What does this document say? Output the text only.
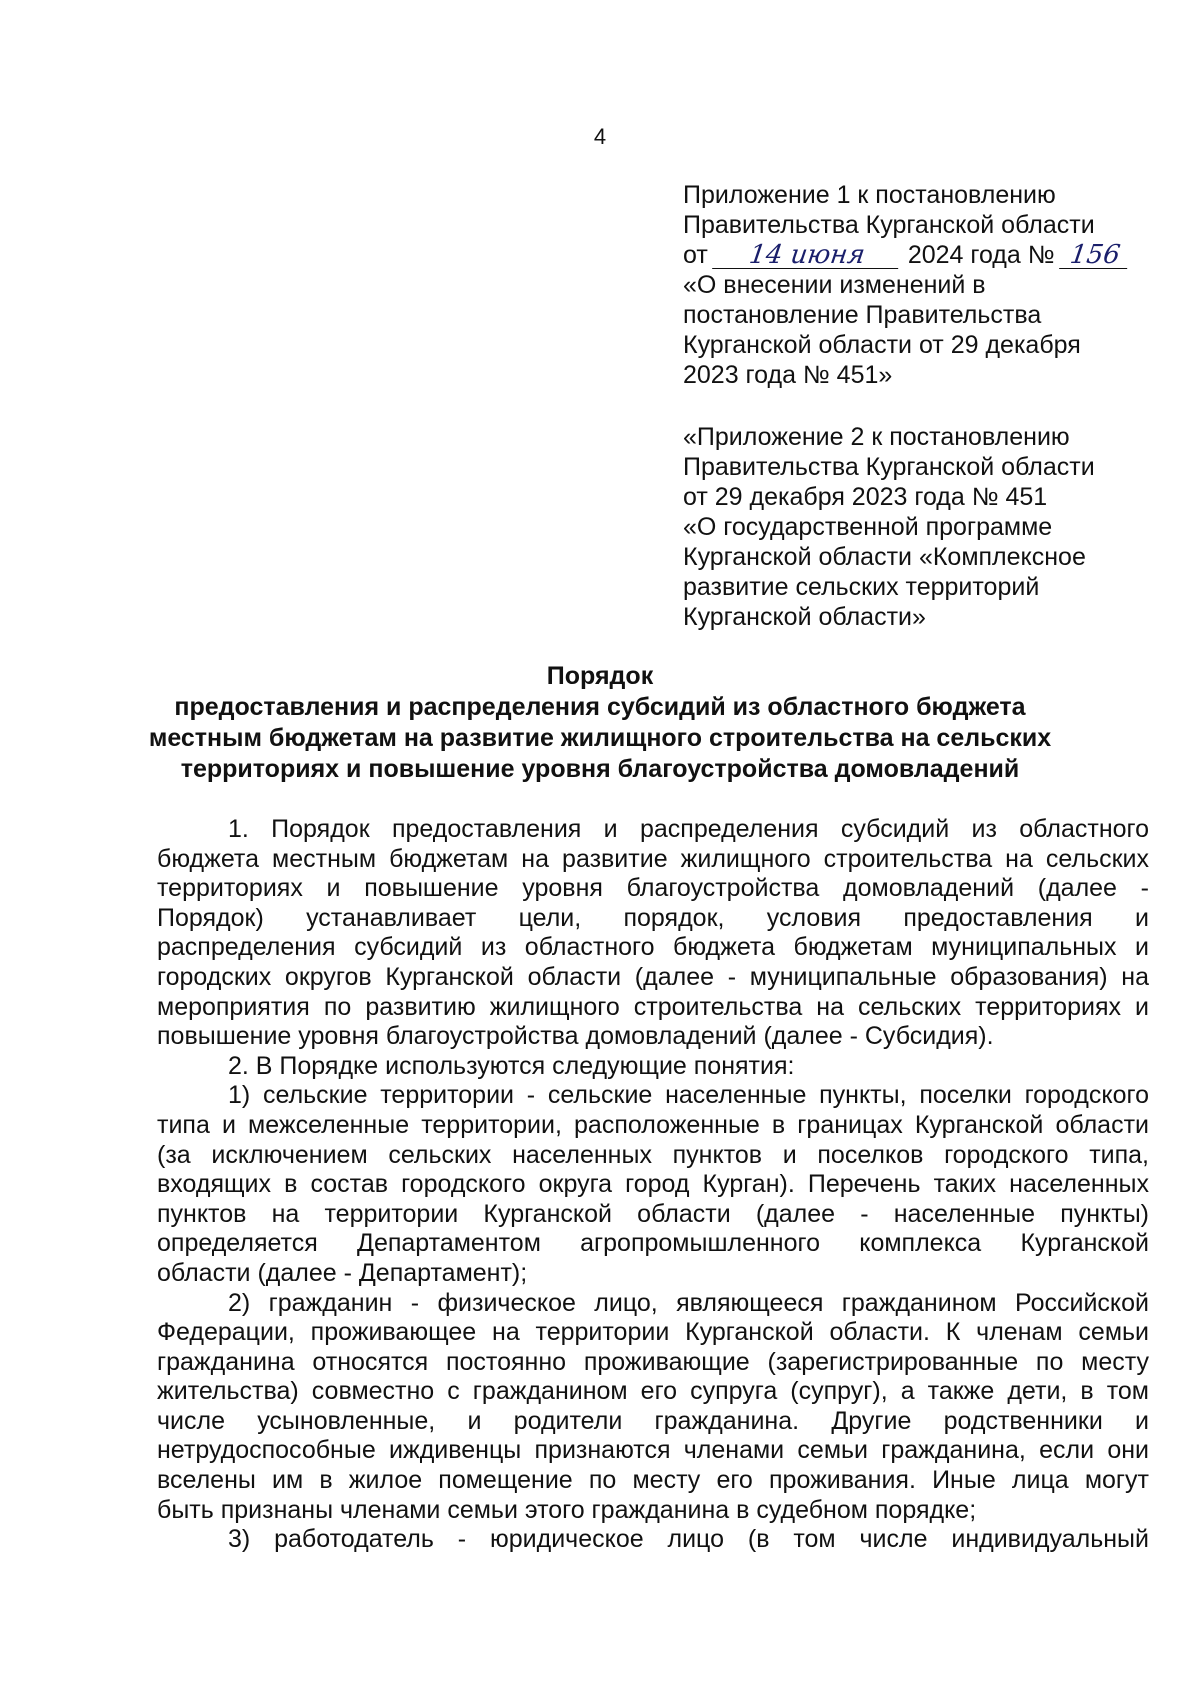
4
Приложение 1 к постановлению
Правительства Курганской области
от 14 июня 2024 года № 156
«О внесении изменений в
постановление Правительства
Курганской области от 29 декабря
2023 года № 451»
«Приложение 2 к постановлению
Правительства Курганской области
от 29 декабря 2023 года № 451
«О государственной программе
Курганской области «Комплексное
развитие сельских территорий
Курганской области»
Порядок
предоставления и распределения субсидий из областного бюджета
местным бюджетам на развитие жилищного строительства на сельских
территориях и повышение уровня благоустройства домовладений

1. Порядок предоставления и распределения субсидий из областного
бюджета местным бюджетам на развитие жилищного строительства на сельских
территориях и повышение уровня благоустройства домовладений (далее -
Порядок) устанавливает цели, порядок, условия предоставления и
распределения субсидий из областного бюджета бюджетам муниципальных и
городских округов Курганской области (далее - муниципальные образования) на
мероприятия по развитию жилищного строительства на сельских территориях и
повышение уровня благоустройства домовладений (далее - Субсидия).

2. В Порядке используются следующие понятия:

1) сельские территории - сельские населенные пункты, поселки городского
типа и межселенные территории, расположенные в границах Курганской области
(за исключением сельских населенных пунктов и поселков городского типа,
входящих в состав городского округа город Курган). Перечень таких населенных
пунктов на территории Курганской области (далее - населенные пункты)
определяется Департаментом агропромышленного комплекса Курганской
области (далее - Департамент);

2) гражданин - физическое лицо, являющееся гражданином Российской
Федерации, проживающее на территории Курганской области. К членам семьи
гражданина относятся постоянно проживающие (зарегистрированные по месту
жительства) совместно с гражданином его супруга (супруг), а также дети, в том
числе усыновленные, и родители гражданина. Другие родственники и
нетрудоспособные иждивенцы признаются членами семьи гражданина, если они
вселены им в жилое помещение по месту его проживания. Иные лица могут
быть признаны членами семьи этого гражданина в судебном порядке;

3) работодатель - юридическое лицо (в том числе индивидуальный
